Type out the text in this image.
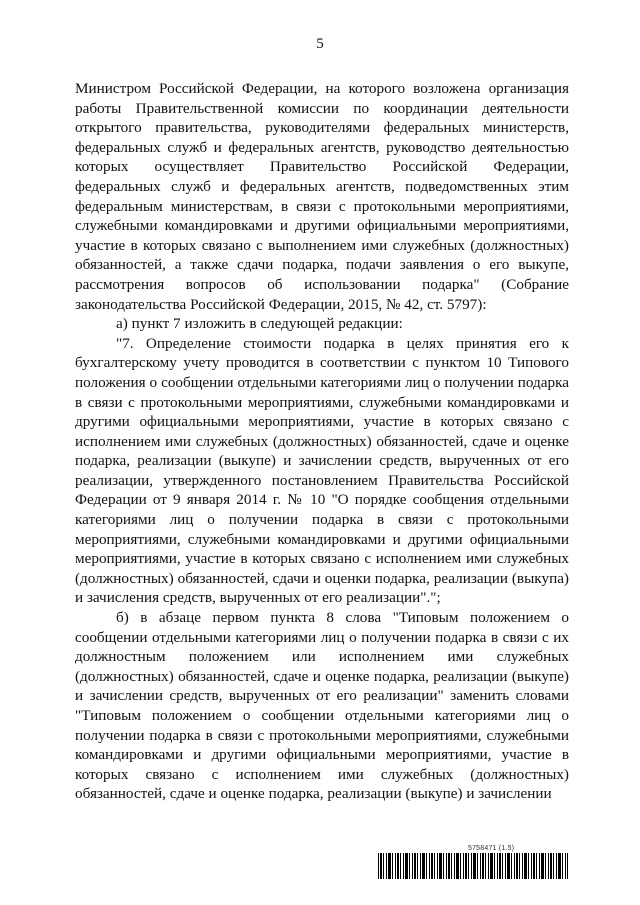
5

Министром Российской Федерации, на которого возложена организация работы Правительственной комиссии по координации деятельности открытого правительства, руководителями федеральных министерств, федеральных служб и федеральных агентств, руководство деятельностью которых осуществляет Правительство Российской Федерации, федеральных служб и федеральных агентств, подведомственных этим федеральным министерствам, в связи с протокольными мероприятиями, служебными командировками и другими официальными мероприятиями, участие в которых связано с выполнением ими служебных (должностных) обязанностей, а также сдачи подарка, подачи заявления о его выкупе, рассмотрения вопросов об использовании подарка" (Собрание законодательства Российской Федерации, 2015, № 42, ст. 5797):

а) пункт 7 изложить в следующей редакции:

"7. Определение стоимости подарка в целях принятия его к бухгалтерскому учету проводится в соответствии с пунктом 10 Типового положения о сообщении отдельными категориями лиц о получении подарка в связи с протокольными мероприятиями, служебными командировками и другими официальными мероприятиями, участие в которых связано с исполнением ими служебных (должностных) обязанностей, сдаче и оценке подарка, реализации (выкупе) и зачислении средств, вырученных от его реализации, утвержденного постановлением Правительства Российской Федерации от 9 января 2014 г. № 10 "О порядке сообщения отдельными категориями лиц о получении подарка в связи с протокольными мероприятиями, служебными командировками и другими официальными мероприятиями, участие в которых связано с исполнением ими служебных (должностных) обязанностей, сдачи и оценки подарка, реализации (выкупа) и зачисления средств, вырученных от его реализации".";

б) в абзаце первом пункта 8 слова "Типовым положением о сообщении отдельными категориями лиц о получении подарка в связи с их должностным положением или исполнением ими служебных (должностных) обязанностей, сдаче и оценке подарка, реализации (выкупе) и зачислении средств, вырученных от его реализации" заменить словами "Типовым положением о сообщении отдельными категориями лиц о получении подарка в связи с протокольными мероприятиями, служебными командировками и другими официальными мероприятиями, участие в которых связано с исполнением ими служебных (должностных) обязанностей, сдаче и оценке подарка, реализации (выкупе) и зачислении

5758471 (1.5)
